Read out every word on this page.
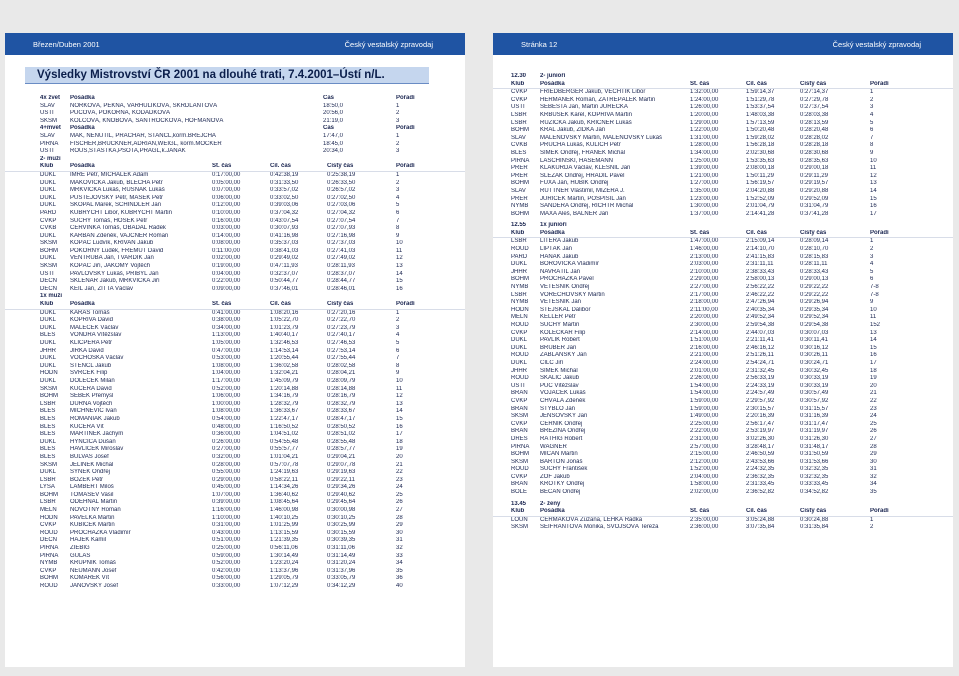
Březen/Duben 2001	Český vestalský zpravodaj
Výsledky Mistrovství ČR 2001 na dlouhé trati, 7.4.2001–Ústí n/L.
4x žvet	Posádka	Čas	Pořadí
SLAV	NORKOVÁ, PĚKNÁ, VARHULÍKOVÁ, ŠKRDLANTOVÁ	18:50,0	1
ÚSTÍ	PUCOVÁ, POKORNÁ, KODÁDKOVÁ	20:56,0	2
SKSM	KOLCOVÁ, KNOBOVÁ, ŠANTROČKOVÁ, HOFMANOVÁ	21:19,0	3
4+mvet	Posádka	Čas	Pořadí
SLAV	MAK, NENUTIL, PRACHAŘ, ŠTANCL,korm.BREJCHA	17:47,0	1
PIRNA	FISCHER,BRUCKNER,ADRIAN,WEIGL, korm.MOCKER	18:45,0	2
ÚSTÍ	ROUS,ŠŤASTKA,PSOTA,PRÁGL,k.JANÁK	20:34,0	3
2- muži
Klub	Posádka	St. čas	Cíl. čas	Čistý čas	Pořadí
DUKL	IMRE Petr, MICHÁLEK Adam	0:17:00,00	0:42:38,19	0:25:38,19	1
DUKL	MAKOVIČKA Jakub, BLECHA Petr	0:05:00,00	0:31:33,50	0:26:33,50	2
DUKL	MRKVIČKA Lukáš, RUSŇÁK Lukáš	0:07:00,00	0:33:57,02	0:26:57,02	3
DUKL	PUSTĚJOVSKÝ Petr, MAŠEK Petr	0:06:00,00	0:33:02,50	0:27:02,50	4
DUKL	SKOPAL Marek, SCHINDLER Jan	0:12:00,00	0:39:03,06	0:27:03,06	5
PARD	KUBRYCHT Libor, KUBRYCHT Martin	0:10:00,00	0:37:04,32	0:27:04,32	6
ČVKP	SUCHÝ Tomáš, HOŠEK Petr	0:16:00,00	0:43:07,54	0:27:07,54	7
ČVKB	ČERVINKA Tomáš, OBADAL Radek	0:03:00,00	0:30:07,93	0:27:07,93	8
DUKL	KARBAN Zdeněk, VAJČNER Roman	0:14:00,00	0:41:16,98	0:27:16,98	9
SKSM	KOPÁČ Ludvík, KŘIVAN Jakub	0:08:00,00	0:35:37,03	0:27:37,03	10
BOHM	POKORNÝ Luděk, FREMUT David	0:11:00,00	0:38:41,03	0:27:41,03	11
DUKL	VENTRUBA Jan, TVARDÍK Jan	0:02:00,00	0:29:49,02	0:27:49,02	12
SKSM	KOPÁČ Jiří, JAKOMÝ Vojtěch	0:19:00,00	0:47:11,93	0:28:11,93	13
ÚSTÍ	PAVLOVSKÝ Lukáš, PŘIBYL Jan	0:04:00,00	0:32:37,07	0:28:37,07	14
DĚČN	SKLENÁŘ Jakub, MRKVIČKA Jiří	0:22:00,00	0:50:44,77	0:28:44,77	15
DĚČN	KEIL Jan, ZITTA Václav	0:09:00,00	0:37:46,01	0:28:46,01	16
1x muži
Klub	Posádka	St. čas	Cíl. čas	Čistý čas	Pořadí
DUKL	KARAS Tomáš	0:41:00,00	1:08:20,16	0:27:20,16	1
DUKL	KOPŘIVA David	0:38:00,00	1:05:22,70	0:27:22,70	2
DUKL	MALEČEK Václav	0:34:00,00	1:01:23,79	0:27:23,79	3
BLES	VONDRA Vítězslav	1:13:00,00	1:40:40,17	0:27:40,17	4
DUKL	KLICPERA Petr	1:05:00,00	1:32:46,53	0:27:46,53	5
JHHR	JIRKA David	0:47:00,00	1:14:53,14	0:27:53,14	6
DUKL	VOCHOSKA Václav	0:53:00,00	1:20:55,44	0:27:55,44	7
DUKL	ŠTENCL Jakub	1:08:00,00	1:36:02,58	0:28:02,58	8
HODN	ŠVRČEK Filip	1:04:00,00	1:32:04,21	0:28:04,21	9
DUKL	DOLEČEK Milan	1:17:00,00	1:45:09,79	0:28:09,79	10
SKSM	KUČERA David	0:52:00,00	1:20:14,88	0:28:14,88	11
BOHM	ŠEBEK Přemysl	1:06:00,00	1:34:16,79	0:28:16,79	12
LSBR	DURNA Vojtěch	1:00:00,00	1:28:32,79	0:28:32,79	13
BLES	MICHNĚVIČ Ivan	1:08:00,00	1:36:33,67	0:28:33,67	14
BLES	ROMANIAK Jakub	0:54:00,00	1:22:47,17	0:28:47,17	15
BLES	KUČERA Vít	0:48:00,00	1:16:50,52	0:28:50,52	16
BLES	MARTINEK Jáchym	0:36:00,00	1:04:51,02	0:28:51,02	17
DUKL	HYNČICA Dušan	0:26:00,00	0:54:55,48	0:28:55,48	18
BLES	HAVLÍČEK Miroslav	0:27:00,00	0:55:57,77	0:28:57,77	19
BLES	BULVAS Josef	0:32:00,00	1:01:04,21	0:29:04,21	20
SKSM	JELÍNEK Michal	0:28:00,00	0:57:07,78	0:29:07,78	21
DUKL	SYNEK Ondřej	0:55:00,00	1:24:19,63	0:29:19,63	22
LSBR	BOŽEK Petr	0:29:00,00	0:58:22,11	0:29:22,11	23
LYSÁ	LAMBERT Miloš	0:45:00,00	1:14:34,26	0:29:34,26	24
BOHM	TOMÁŠEV Vasil	1:07:00,00	1:36:40,62	0:29:40,62	25
LSBR	ODEHNAL Martin	0:39:00,00	1:08:45,64	0:29:45,64	26
MĚLN	NOVOTNÝ Roman	1:16:00,00	1:46:00,98	0:30:00,98	27
HODN	PAVELKA Martin	1:10:00,00	1:40:10,25	0:30:10,25	28
ČVKP	KUBÍČEK Martin	0:31:00,00	1:01:25,99	0:30:25,99	29
ROUD	PROCHÁZKA Vladimír	0:43:00,00	1:13:15,59	0:30:15,59	30
DĚČN	HÁJEK Kamil	0:51:00,00	1:21:39,35	0:30:39,35	31
PIRNA	ZIEBIG	0:25:00,00	0:56:11,06	0:31:11,06	32
PIRNA	GULAS	0:59:00,00	1:30:14,49	0:31:14,49	33
NYMB	KRUPNÍK Tomáš	0:52:00,00	1:23:20,24	0:31:20,24	34
ČVKP	NEUMANN Josef	0:42:00,00	1:13:37,96	0:31:37,96	35
BOHM	KOMÁREK Vít	0:56:00,00	1:29:05,79	0:33:05,79	36
ROUD	JANOVSKÝ Josef	0:33:00,00	1:07:12,29	0:34:12,29	40
Stránka 12	Český vestalský zpravodaj
12.30	2- junioři
Klub	Posádka	St. čas	Cíl. čas	Čistý čas	Pořadí
ČVKP	FRIEDBERGER Jakub, VĚCHTÍK Libor	1:32:00,00	1:59:14,37	0:27:14,37	1
ČVKP	HEŘMÁNEK Roman, ZATŘEPÁLEK Martin	1:24:00,00	1:51:29,78	0:27:29,78	2
ÚSTÍ	ŠEBESTA Jan, Martin JUREČKA	1:26:00,00	1:53:37,54	0:27:37,54	3
LSBR	KRBÚŠEK Karel, KOPŘIVA Martin	1:20:00,00	1:48:03,38	0:28:03,38	4
LSBR	RŮŽIČKA Jakub, KRICNER Lukáš	1:29:00,00	1:57:13,59	0:28:13,59	5
BOHM	KRÁL Jakub, ZÍDKA Jan	1:22:00,00	1:50:20,48	0:28:20,48	6
SLAV	MALENOVSKÝ Martin, MALENOVSKÝ Lukáš	1:31:00,00	1:59:28,02	0:28:28,02	7
ČVKB	PRŮCHA Lukáš, KULICH Petr	1:28:00,00	1:56:28,18	0:28:28,18	8
BLES	ŠIMEK Ondřej, FRANĚK Michal	1:34:00,00	2:02:30,68	0:28:30,68	9
PIRNA	LASCHINSKI, HASEMANN	1:25:00,00	1:53:35,63	0:28:35,63	10
PŘER	KLAKURDA Václav, KLESNIL Jan	1:39:00,00	2:08:00,18	0:29:00,18	11
PŘER	SLEZÁK Ondřej, HRADIL Pavel	1:21:00,00	1:50:11,29	0:29:11,29	12
BOHM	FUXA Jan, HUBÍK Ondřej	1:27:00,00	1:56:19,57	0:29:19,57	13
SLAV	RUTTNER Vlastimil, MIZERA J.	1:35:00,00	2:04:20,88	0:29:20,88	14
PŘER	JUŘÍČEK Martin, POSPÍŠIL Jan	1:23:00,00	1:52:52,09	0:29:52,09	15
NYMB	ŠANDERA Ondřej, RICHTR Michal	1:30:00,00	2:01:04,79	0:31:04,79	16
BOHM	MAXA Aleš, BALNER Jan	1:37:00,00	2:14:41,28	0:37:41,28	17
12.55	1x junioři
Klub	Posádka	St. čas	Cíl. čas	Čistý čas	Pořadí
LSBR	LITERA Jakub	1:47:00,00	2:15:09,14	0:28:09,14	1
ROUD	LIPTÁK Jan	1:46:00,00	2:14:10,70	0:28:10,70	2
PARD	HANÁK Jakub	2:13:00,00	2:41:15,83	0:28:15,83	3
DUKL	BOROVIČKA Vladimír	2:03:00,00	2:31:11,11	0:28:11,11	4
JHHR	NAVRÁTIL Jan	2:10:00,00	2:38:33,43	0:28:33,43	5
BOHM	PROCHÁZKA Pavel	2:29:00,00	2:58:00,13	0:29:00,13	6
NYMB	VETEŠNÍK Ondřej	2:27:00,00	2:56:22,22	0:29:22,22	7-8
LSBR	VOŘECHOVSKÝ Martin	2:17:00,00	2:46:22,22	0:29:22,22	7-8
NYMB	VETEŠNÍK Jan	2:18:00,00	2:47:26,94	0:29:26,94	9
HODN	STEJSKAL Dalibor	2:11:00,00	2:40:35,34	0:29:35,34	10
MĚLN	KELLER Petr	2:20:00,00	2:49:52,34	0:29:52,34	11
ROUD	SUCHÝ Martin	2:30:00,00	2:59:54,38	0:29:54,38	152
ČVKP	KOLEČKÁŘ Filip	2:14:00,00	2:44:07,03	0:30:07,03	13
DUKL	PAVLÍK Robert	1:51:00,00	2:21:11,41	0:30:11,41	14
DUKL	BRUBER Jan	2:16:00,00	2:46:16,12	0:30:16,12	15
ROUD	ZABLÁNSKÝ Jan	2:21:00,00	2:51:26,11	0:30:26,11	16
DUKL	CILC Jiří	2:24:00,00	2:54:24,71	0:30:24,71	17
JHHR	ŠIMEK Michal	2:01:00,00	2:31:32,45	0:30:32,45	18
ROUD	SKALIC Jakub	2:26:00,00	2:56:33,19	0:30:33,19	19
ÚSTÍ	PUC Vítězslav	1:54:00,00	2:24:33,19	0:30:33,19	20
BRAN	VOJÁČEK Lukáš	1:54:00,00	2:24:57,49	0:30:57,49	21
ČVKP	CHVÁLA Zdeněk	1:59:00,00	2:29:57,92	0:30:57,92	22
BRAN	STÝBLO Jan	1:59:00,00	2:30:15,57	0:31:15,57	23
SKSM	JENŠOVSKÝ Jan	1:49:00,00	2:20:16,39	0:31:16,39	24
ČVKP	ČERNÍK Ondřej	2:25:00,00	2:56:17,47	0:31:17,47	25
BRAN	BŘEZINA Ondřej	2:22:00,00	2:53:19,97	0:31:19,97	26
DRES	RÁTHIG Robert	2:31:00,00	3:02:26,30	0:31:26,30	27
PIRNA	WAGNER	2:57:00,00	3:28:48,17	0:31:48,17	28
BOHM	MIČAN Martin	2:15:00,00	2:46:50,59	0:31:50,59	29
SKSM	BARTOŇ Jonáš	2:12:00,00	2:43:53,66	0:31:53,66	30
ROUD	SUCHÝ František	1:52:00,00	2:24:32,35	0:32:32,35	31
ČVKP	ZOF Jakub	2:04:00,00	2:36:32,35	0:32:32,35	32
BRAN	KROTKÝ Ondřej	1:58:00,00	2:31:33,45	0:33:33,45	34
BOLE	BEČAN Ondřej	2:02:00,00	2:36:52,82	0:34:52,82	35
13.45	2- ženy
Klub	Posádka	St. čas	Cíl. čas	Čistý čas	Pořadí
LOUN	ČERMÁKOVÁ Zuzana, LEHKÁ Radka	2:35:00,00	3:05:24,88	0:30:24,88	1
SKSM	SEIFRANTOVÁ Monika, SVOJŠOVÁ Tereza	2:36:00,00	3:07:35,84	0:31:35,84	2
